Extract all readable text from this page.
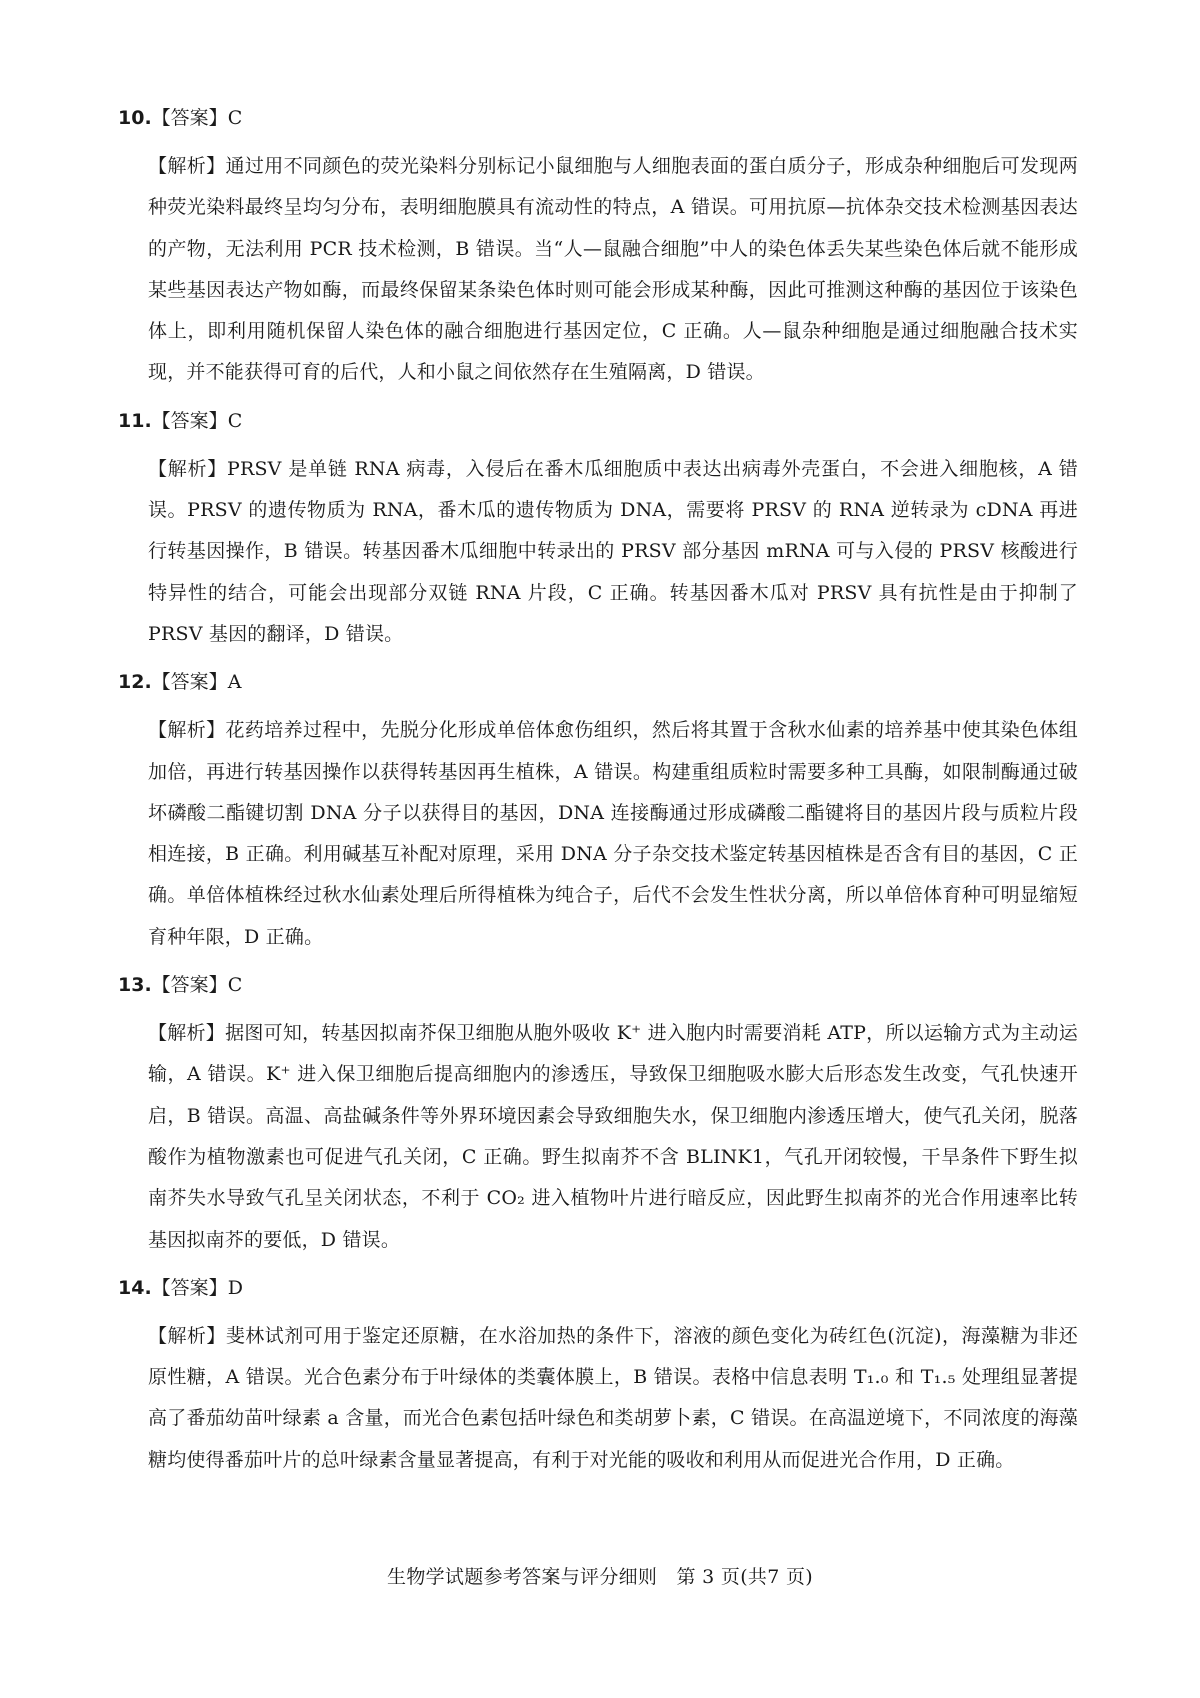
10.【答案】C

【解析】通过用不同颜色的荧光染料分别标记小鼠细胞与人细胞表面的蛋白质分子，形成杂种细胞后可发现两种荧光染料最终呈均匀分布，表明细胞膜具有流动性的特点，A 错误。可用抗原—抗体杂交技术检测基因表达的产物，无法利用 PCR 技术检测，B 错误。当“人—鼠融合细胞”中人的染色体丢失某些染色体后就不能形成某些基因表达产物如酶，而最终保留某条染色体时则可能会形成某种酶，因此可推测这种酶的基因位于该染色体上，即利用随机保留人染色体的融合细胞进行基因定位，C 正确。人—鼠杂种细胞是通过细胞融合技术实现，并不能获得可育的后代，人和小鼠之间依然存在生殖隔离，D 错误。

11.【答案】C

【解析】PRSV 是单链 RNA 病毒，入侵后在番木瓜细胞质中表达出病毒外壳蛋白，不会进入细胞核，A 错误。PRSV 的遗传物质为 RNA，番木瓜的遗传物质为 DNA，需要将 PRSV 的 RNA 逆转录为 cDNA 再进行转基因操作，B 错误。转基因番木瓜细胞中转录出的 PRSV 部分基因 mRNA 可与入侵的 PRSV 核酸进行特异性的结合，可能会出现部分双链 RNA 片段，C 正确。转基因番木瓜对 PRSV 具有抗性是由于抑制了 PRSV 基因的翻译，D 错误。

12.【答案】A

【解析】花药培养过程中，先脱分化形成单倍体愈伤组织，然后将其置于含秋水仙素的培养基中使其染色体组加倍，再进行转基因操作以获得转基因再生植株，A 错误。构建重组质粒时需要多种工具酶，如限制酶通过破坏磷酸二酯键切割 DNA 分子以获得目的基因，DNA 连接酶通过形成磷酸二酯键将目的基因片段与质粒片段相连接，B 正确。利用碱基互补配对原理，采用 DNA 分子杂交技术鉴定转基因植株是否含有目的基因，C 正确。单倍体植株经过秋水仙素处理后所得植株为纯合子，后代不会发生性状分离，所以单倍体育种可明显缩短育种年限，D 正确。

13.【答案】C

【解析】据图可知，转基因拟南芥保卫细胞从胞外吸收 K⁺ 进入胞内时需要消耗 ATP，所以运输方式为主动运输，A 错误。K⁺ 进入保卫细胞后提高细胞内的渗透压，导致保卫细胞吸水膨大后形态发生改变，气孔快速开启，B 错误。高温、高盐碱条件等外界环境因素会导致细胞失水，保卫细胞内渗透压增大，使气孔关闭，脱落酸作为植物激素也可促进气孔关闭，C 正确。野生拟南芥不含 BLINK1，气孔开闭较慢，干旱条件下野生拟南芥失水导致气孔呈关闭状态，不利于 CO₂ 进入植物叶片进行暗反应，因此野生拟南芥的光合作用速率比转基因拟南芥的要低，D 错误。

14.【答案】D

【解析】斐林试剂可用于鉴定还原糖，在水浴加热的条件下，溶液的颜色变化为砖红色(沉淀)，海藻糖为非还原性糖，A 错误。光合色素分布于叶绿体的类囊体膜上，B 错误。表格中信息表明 T₁.₀ 和 T₁.₅ 处理组显著提高了番茄幼苗叶绿素 a 含量，而光合色素包括叶绿色和类胡萝卜素，C 错误。在高温逆境下，不同浓度的海藻糖均使得番茄叶片的总叶绿素含量显著提高，有利于对光能的吸收和利用从而促进光合作用，D 正确。

生物学试题参考答案与评分细则　第 3 页(共7 页)
